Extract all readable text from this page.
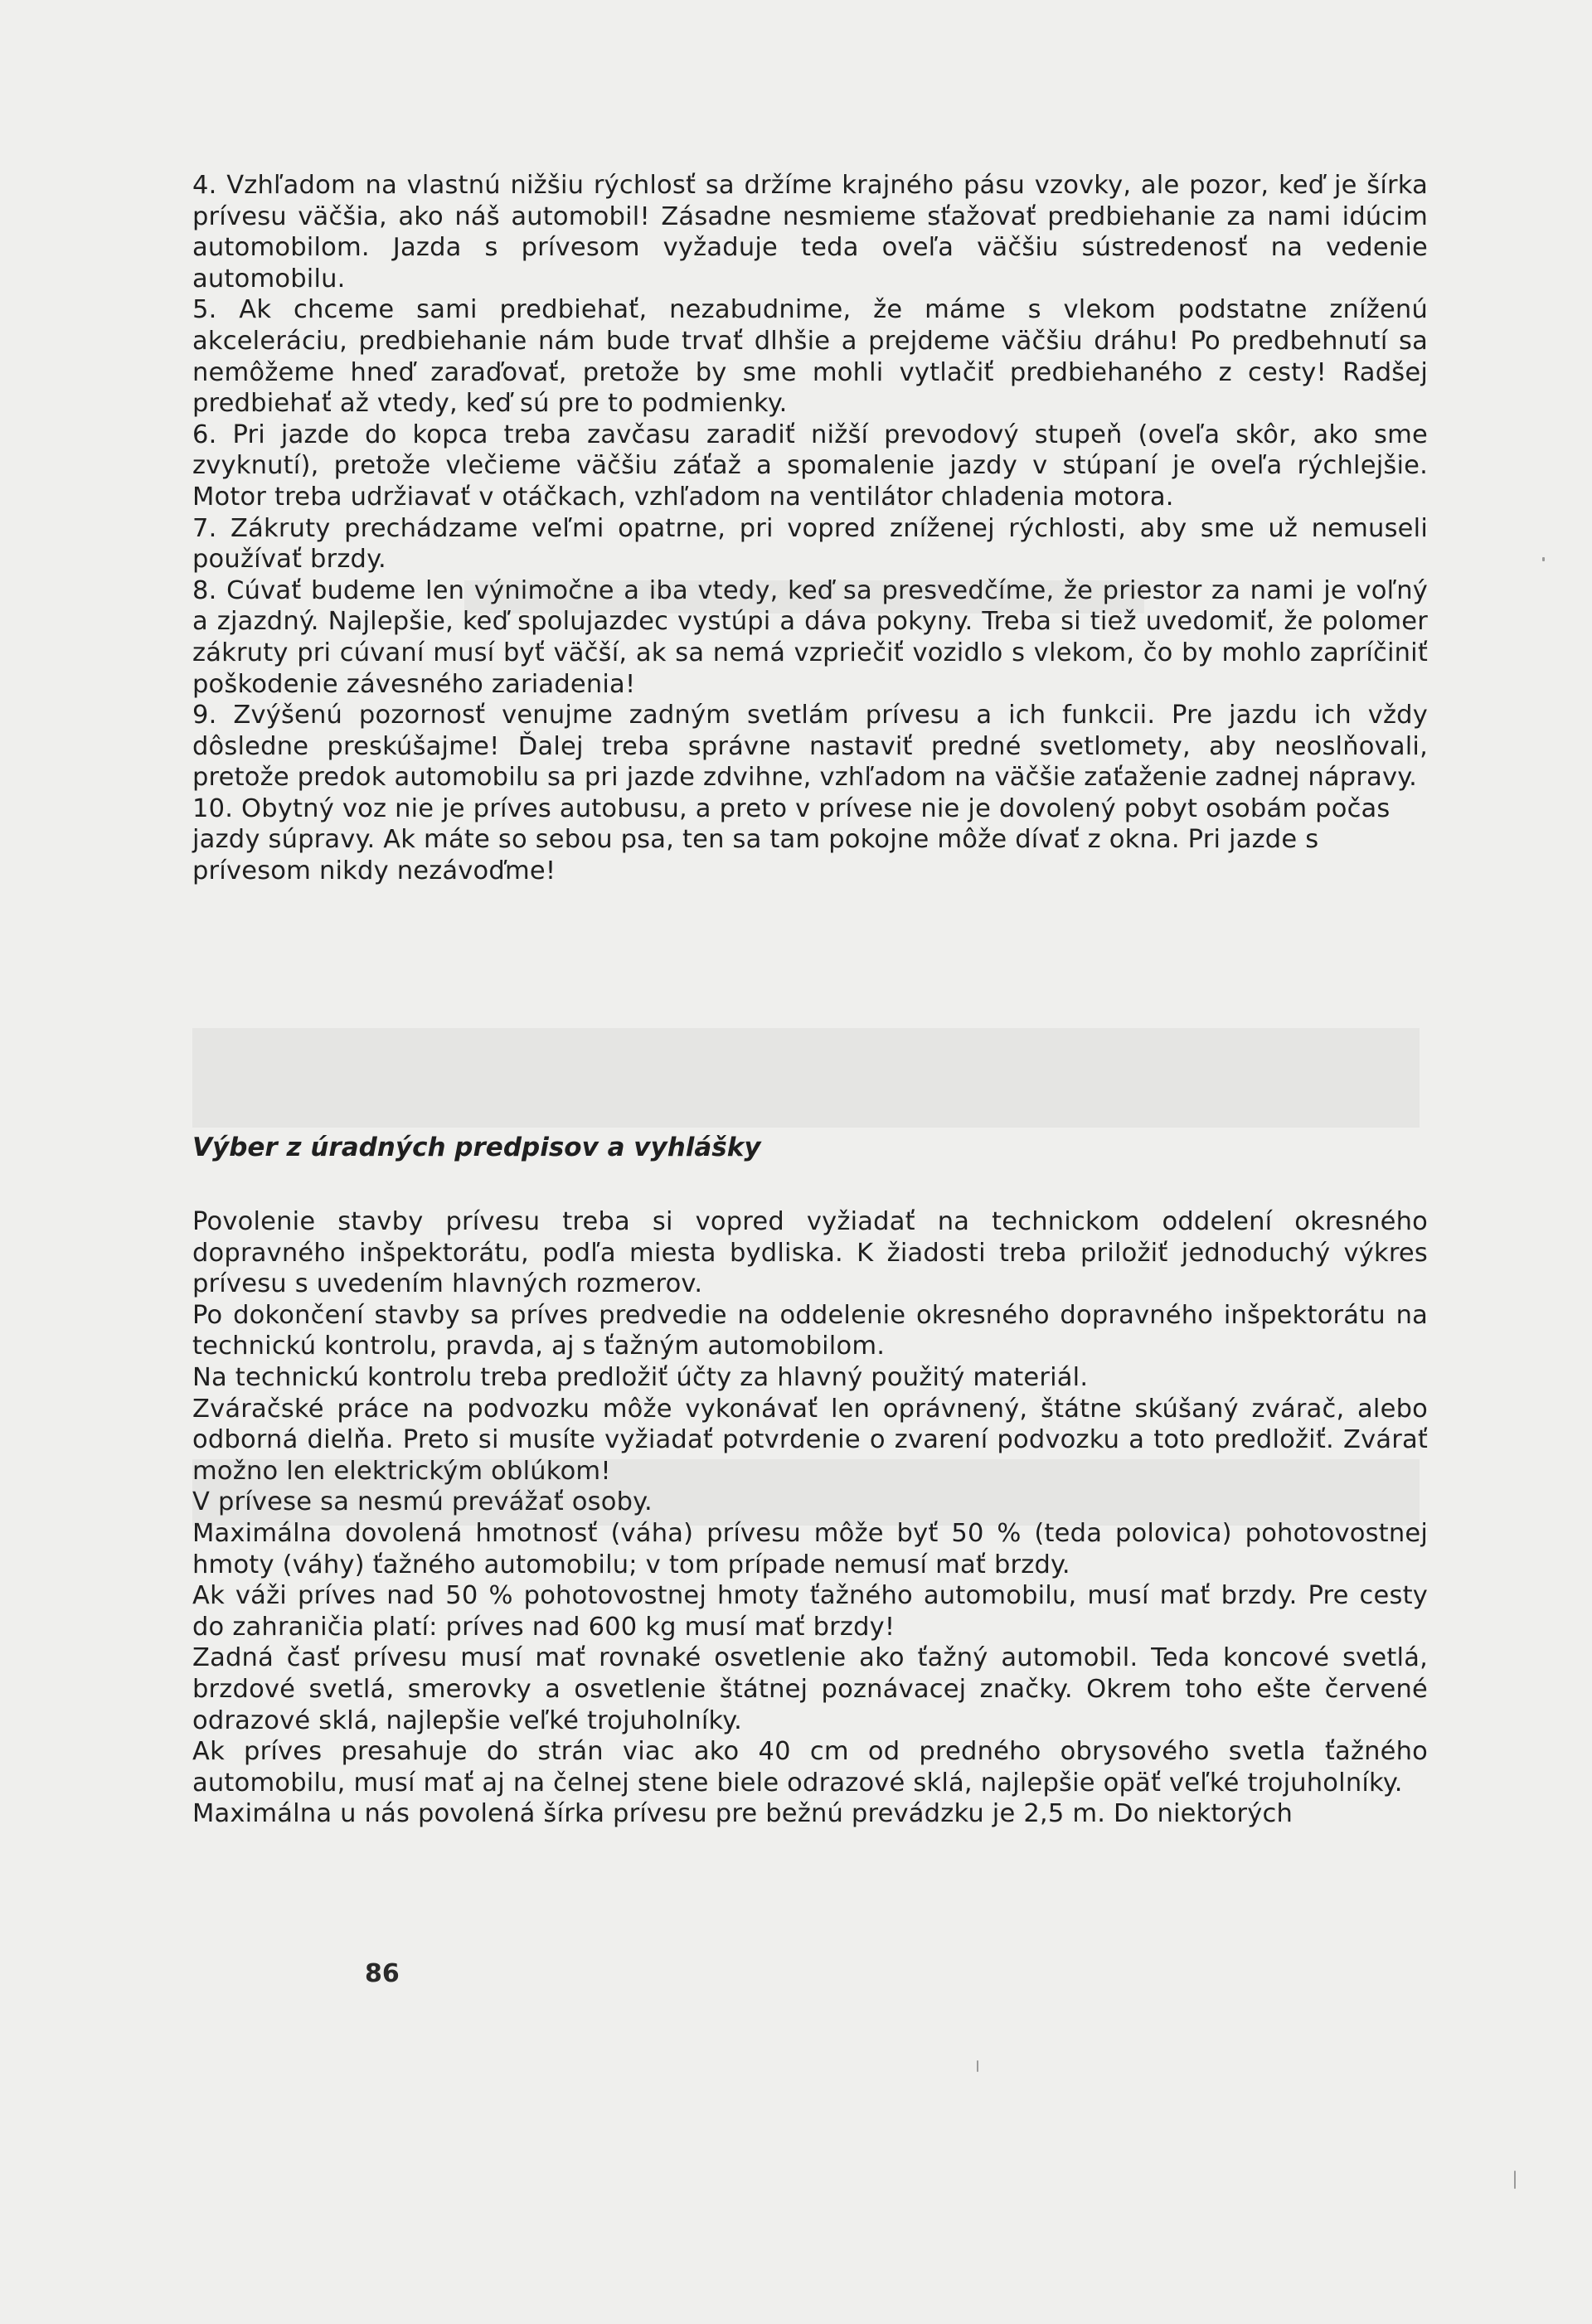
4. Vzhľadom na vlastnú nižšiu rýchlosť sa držíme krajného pásu vzovky, ale pozor, keď je šírka prívesu väčšia, ako náš automobil! Zásadne nesmieme sťažovať predbiehanie za nami idúcim automobilom. Jazda s prívesom vyžaduje teda oveľa väčšiu sústredenosť na vedenie automobilu.

5. Ak chceme sami predbiehať, nezabudnime, že máme s vlekom podstatne zníženú akceleráciu, predbiehanie nám bude trvať dlhšie a prejdeme väčšiu dráhu! Po predbehnutí sa nemôžeme hneď zaraďovať, pretože by sme mohli vytlačiť predbiehaného z cesty! Radšej predbiehať až vtedy, keď sú pre to podmienky.

6. Pri jazde do kopca treba zavčasu zaradiť nižší prevodový stupeň (oveľa skôr, ako sme zvyknutí), pretože vlečieme väčšiu záťaž a spomalenie jazdy v stúpaní je oveľa rýchlejšie. Motor treba udržiavať v otáčkach, vzhľadom na ventilátor chladenia motora.

7. Zákruty prechádzame veľmi opatrne, pri vopred zníženej rýchlosti, aby sme už nemuseli používať brzdy.

8. Cúvať budeme len výnimočne a iba vtedy, keď sa presvedčíme, že priestor za nami je voľný a zjazdný. Najlepšie, keď spolujazdec vystúpi a dáva pokyny. Treba si tiež uvedomiť, že polomer zákruty pri cúvaní musí byť väčší, ak sa nemá vzpriečiť vozidlo s vlekom, čo by mohlo zapríčiniť poškodenie závesného zariadenia!

9. Zvýšenú pozornosť venujme zadným svetlám prívesu a ich funkcii. Pre jazdu ich vždy dôsledne preskúšajme! Ďalej treba správne nastaviť predné svetlomety, aby neoslňovali, pretože predok automobilu sa pri jazde zdvihne, vzhľadom na väčšie zaťaženie zadnej nápravy.

10. Obytný voz nie je príves autobusu, a preto v prívese nie je dovolený pobyt osobám počas jazdy súpravy. Ak máte so sebou psa, ten sa tam pokojne môže dívať z okna. Pri jazde s prívesom nikdy nezávoďme!

Výber z úradných predpisov a vyhlášky

Povolenie stavby prívesu treba si vopred vyžiadať na technickom oddelení okresného dopravného inšpektorátu, podľa miesta bydliska. K žiadosti treba priložiť jednoduchý výkres prívesu s uvedením hlavných rozmerov.

Po dokončení stavby sa príves predvedie na oddelenie okresného dopravného inšpektorátu na technickú kontrolu, pravda, aj s ťažným automobilom.

Na technickú kontrolu treba predložiť účty za hlavný použitý materiál.

Zváračské práce na podvozku môže vykonávať len oprávnený, štátne skúšaný zvárač, alebo odborná dielňa. Preto si musíte vyžiadať potvrdenie o zvarení podvozku a toto predložiť. Zvárať možno len elektrickým oblúkom!

V prívese sa nesmú prevážať osoby.

Maximálna dovolená hmotnosť (váha) prívesu môže byť 50 % (teda polovica) pohotovostnej hmoty (váhy) ťažného automobilu; v tom prípade nemusí mať brzdy.

Ak váži príves nad 50 % pohotovostnej hmoty ťažného automobilu, musí mať brzdy. Pre cesty do zahraničia platí: príves nad 600 kg musí mať brzdy!

Zadná časť prívesu musí mať rovnaké osvetlenie ako ťažný automobil. Teda koncové svetlá, brzdové svetlá, smerovky a osvetlenie štátnej poznávacej značky. Okrem toho ešte červené odrazové sklá, najlepšie veľké trojuholníky.

Ak príves presahuje do strán viac ako 40 cm od predného obrysového svetla ťažného automobilu, musí mať aj na čelnej stene biele odrazové sklá, najlepšie opäť veľké trojuholníky.

Maximálna u nás povolená šírka prívesu pre bežnú prevádzku je 2,5 m. Do niektorých

86
